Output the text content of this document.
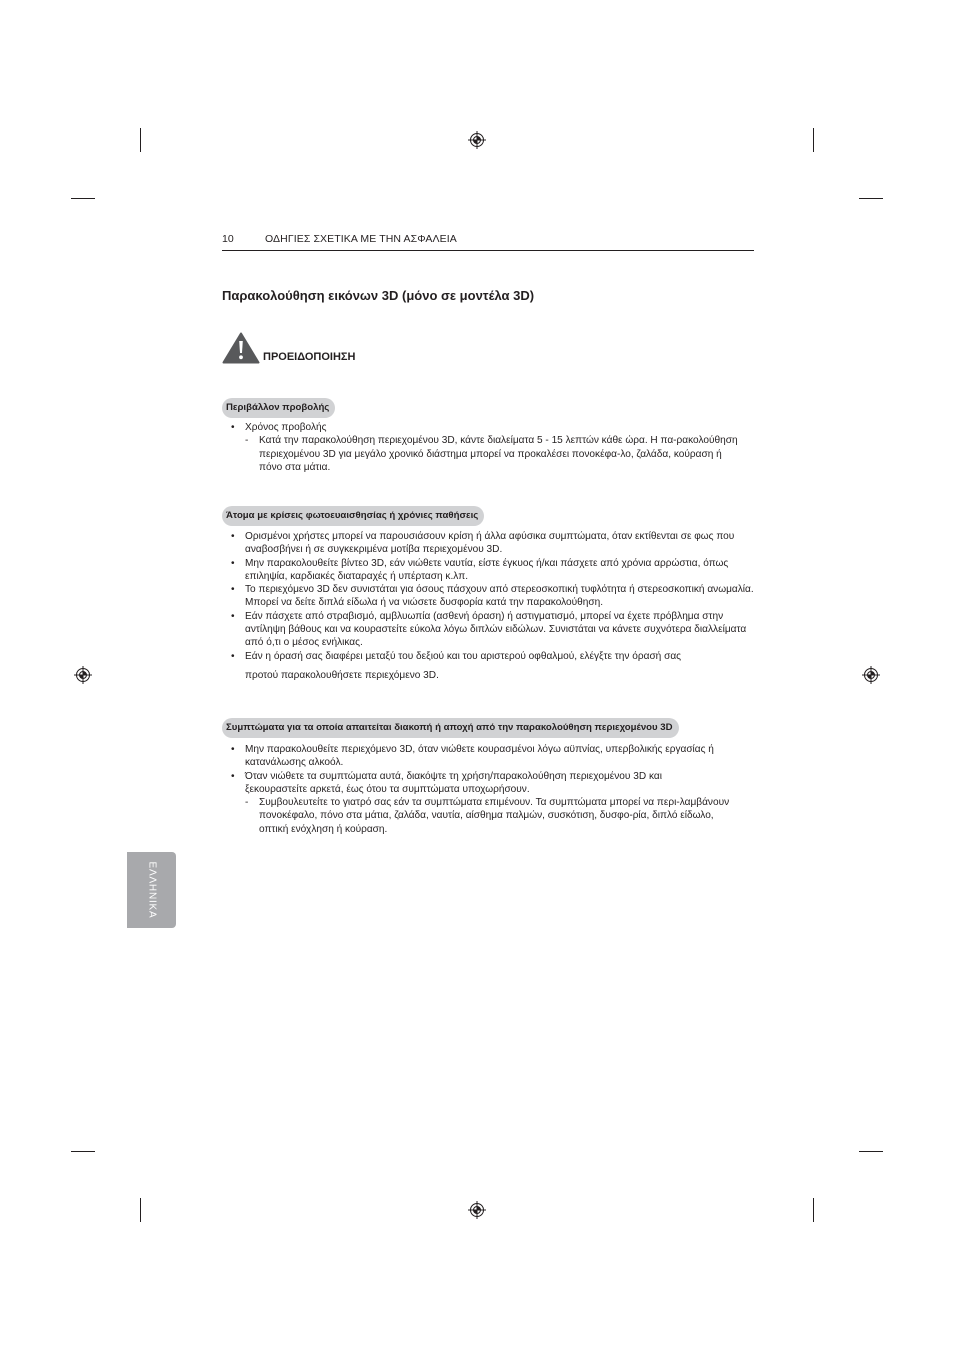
10	ΟΔΗΓΙΕΣ ΣΧΕΤΙΚΑ ΜΕ ΤΗΝ ΑΣΦΑΛΕΙΑ
Παρακολούθηση εικόνων 3D (μόνο σε μοντέλα 3D)
ΠΡΟΕΙΔΟΠΟΙΗΣΗ
Περιβάλλον προβολής
• Χρόνος προβολής
- Κατά την παρακολούθηση περιεχομένου 3D, κάντε διαλείματα 5 - 15 λεπτών κάθε ώρα. Η πα-ρακολούθηση περιεχομένου 3D για μεγάλο χρονικό διάστημα μπορεί να προκαλέσει πονοκέφα-λο, ζαλάδα, κούραση ή πόνο στα μάτια.
Άτομα με κρίσεις φωτοευαισθησίας ή χρόνιες παθήσεις
• Ορισμένοι χρήστες μπορεί να παρουσιάσουν κρίση ή άλλα αφύσικα συμπτώματα, όταν εκτίθενται σε φως που αναβοσβήνει ή σε συγκεκριμένα μοτίβα περιεχομένου 3D.
• Μην παρακολουθείτε βίντεο 3D, εάν νιώθετε ναυτία, είστε έγκυος ή/και πάσχετε από χρόνια αρρώστια, όπως επιληψία, καρδιακές διαταραχές ή υπέρταση κ.λπ.
• Το περιεχόμενο 3D δεν συνιστάται για όσους πάσχουν από στερεοσκοπική τυφλότητα ή στερεοσκοπική ανωμαλία. Μπορεί να δείτε διπλά είδωλα ή να νιώσετε δυσφορία κατά την παρακολούθηση.
• Εάν πάσχετε από στραβισμό, αμβλυωπία (ασθενή όραση) ή αστιγματισμό, μπορεί να έχετε πρόβλημα στην αντίληψη βάθους και να κουραστείτε εύκολα λόγω διπλών ειδώλων. Συνιστάται να κάνετε συχνότερα διαλλείματα από ό,τι ο μέσος ενήλικας.
• Εάν η όρασή σας διαφέρει μεταξύ του δεξιού και του αριστερού οφθαλμού, ελέγξτε την όρασή σας
προτού παρακολουθήσετε περιεχόμενο 3D.
Συμπτώματα για τα οποία απαιτείται διακοπή ή αποχή από την παρακολούθηση περιεχομένου 3D
• Μην παρακολουθείτε περιεχόμενο 3D, όταν νιώθετε κουρασμένοι λόγω αϋπνίας, υπερβολικής εργασίας ή κατανάλωσης αλκοόλ.
• Όταν νιώθετε τα συμπτώματα αυτά, διακόψτε τη χρήση/παρακολούθηση περιεχομένου 3D και ξεκουραστείτε αρκετά, έως ότου τα συμπτώματα υποχωρήσουν.
- Συμβουλευτείτε το γιατρό σας εάν τα συμπτώματα επιμένουν. Τα συμπτώματα μπορεί να περι-λαμβάνουν πονοκέφαλο, πόνο στα μάτια, ζαλάδα, ναυτία, αίσθημα παλμών, συσκότιση, δυσφο-ρία, διπλό είδωλο, οπτική ενόχληση ή κούραση.
ΕΛΛΗΝΙΚΑ
